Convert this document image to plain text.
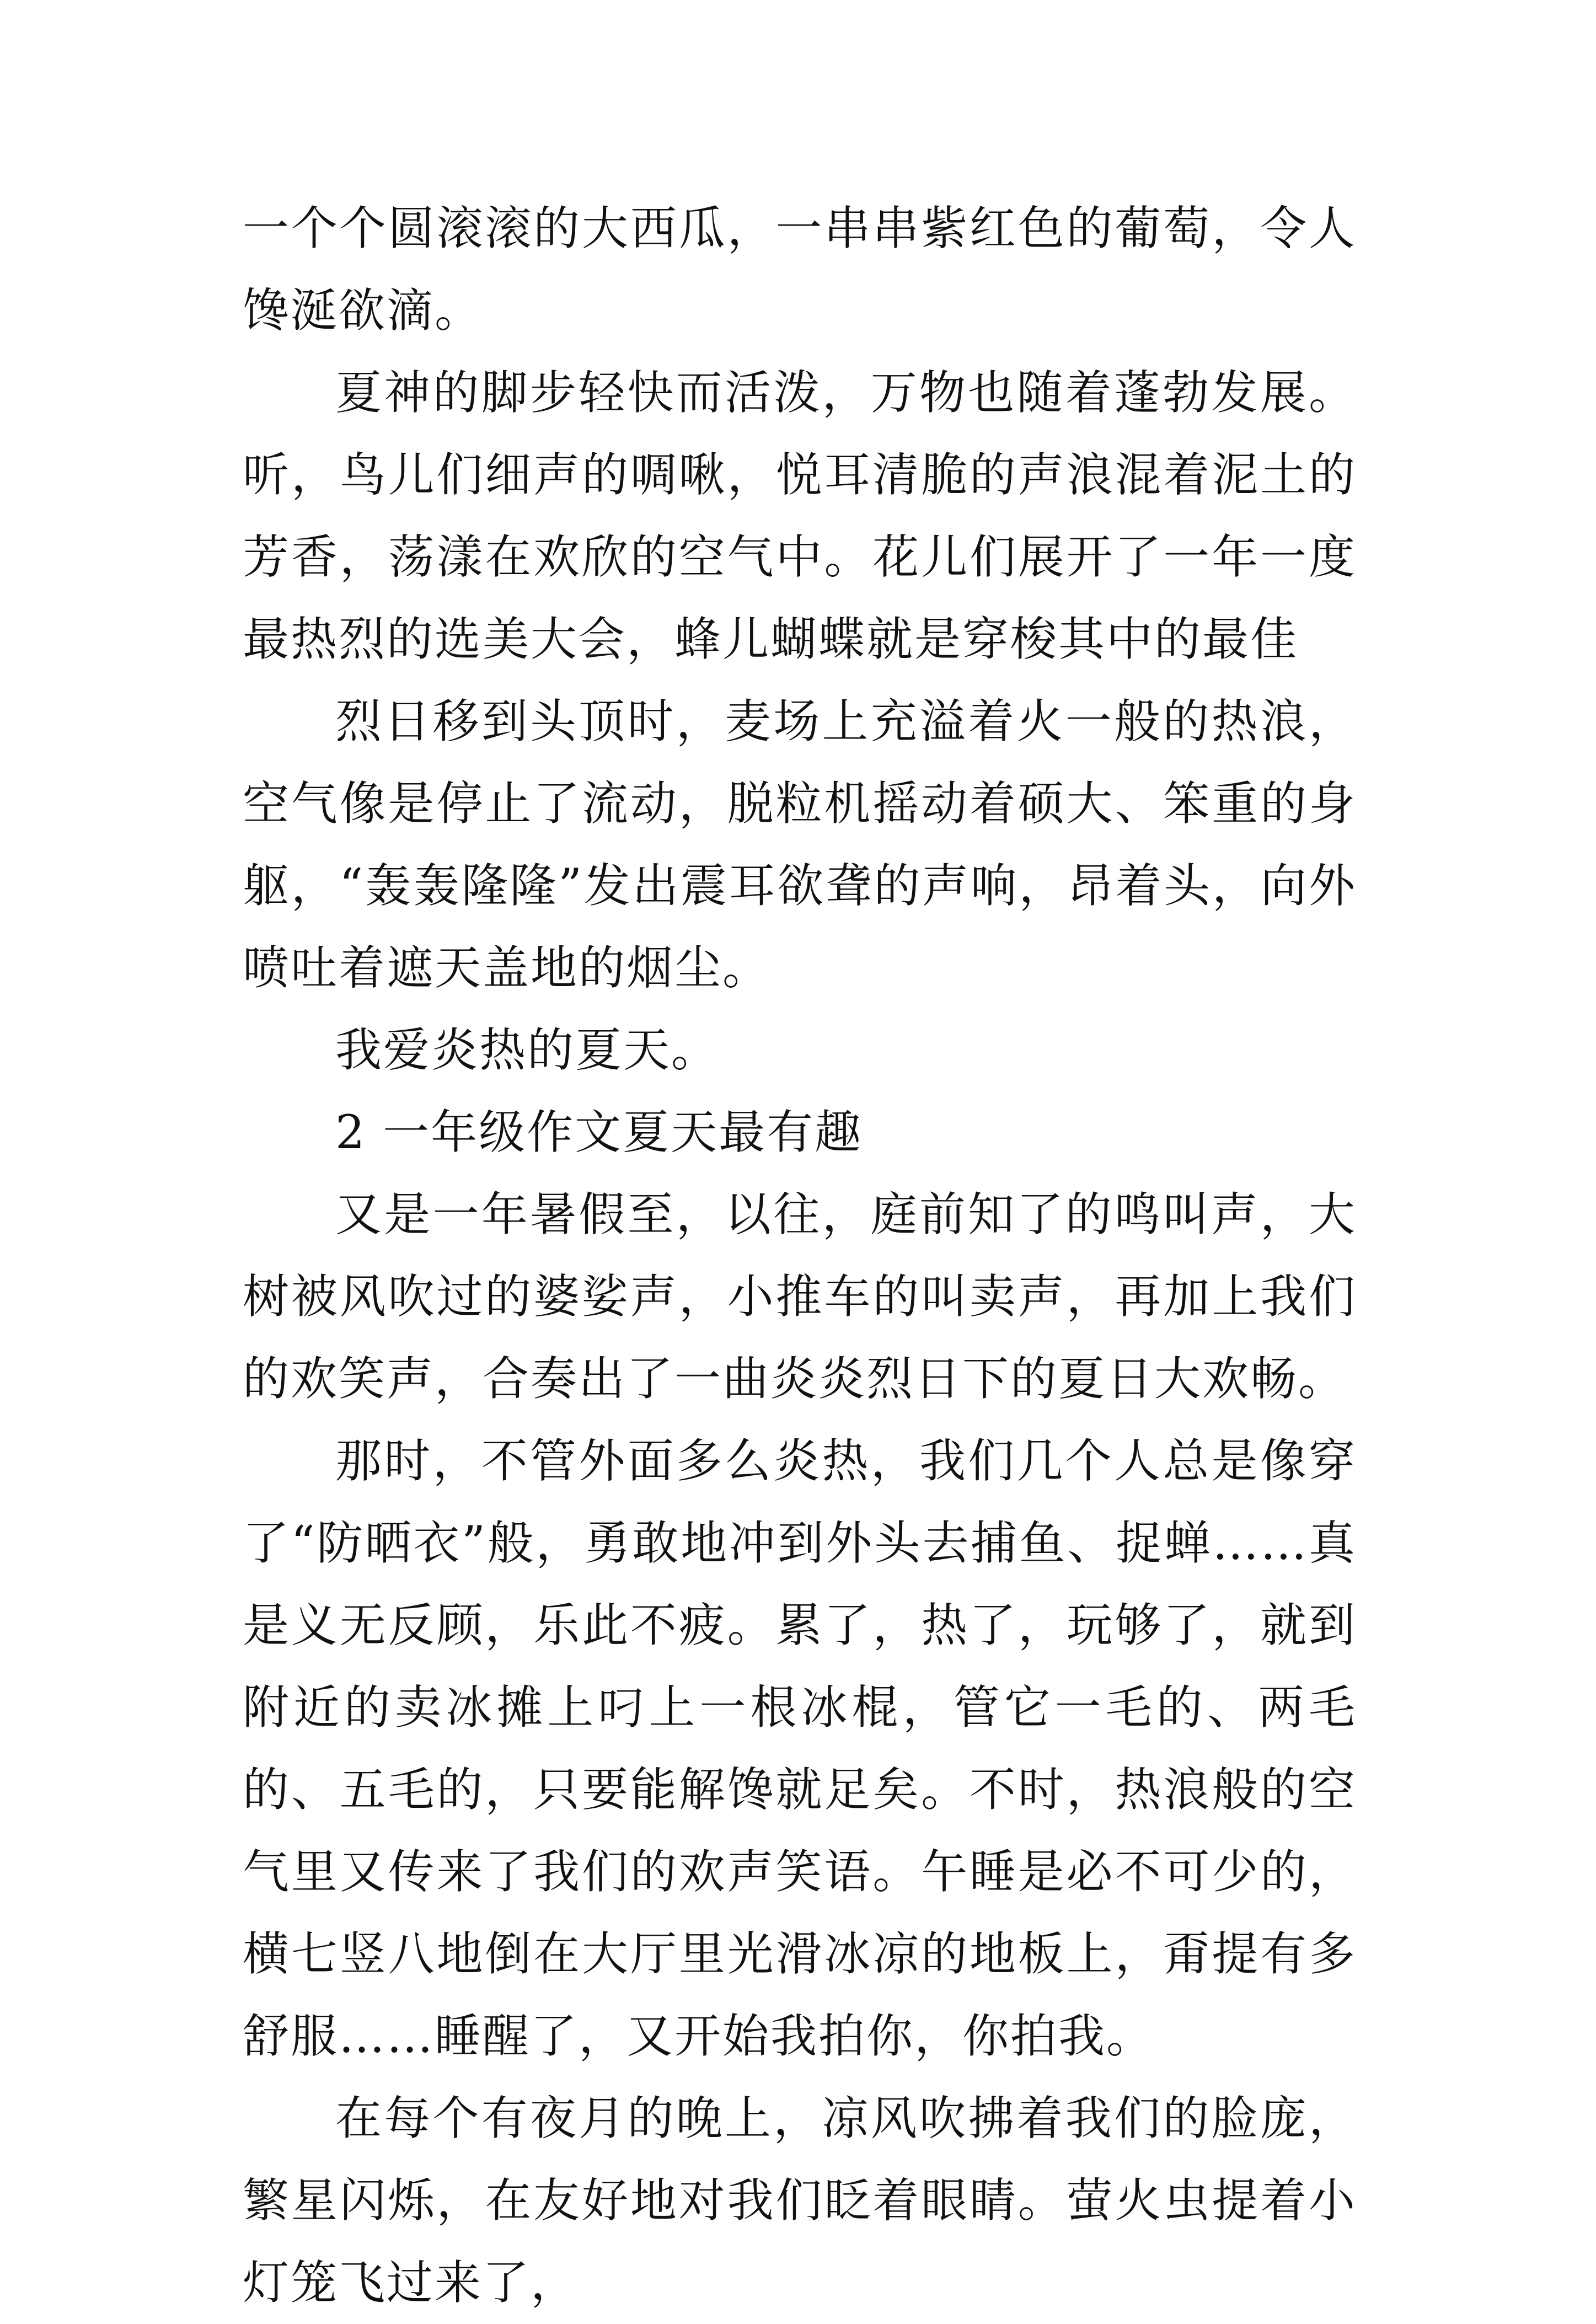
一个个圆滚滚的大西瓜，一串串紫红色的葡萄，令人馋涎欲滴。

夏神的脚步轻快而活泼，万物也随着蓬勃发展。听，鸟儿们细声的啁啾，悦耳清脆的声浪混着泥土的芳香，荡漾在欢欣的空气中。花儿们展开了一年一度最热烈的选美大会，蜂儿蝴蝶就是穿梭其中的最佳

烈日移到头顶时，麦场上充溢着火一般的热浪，空气像是停止了流动，脱粒机摇动着硕大、笨重的身躯，“轰轰隆隆”发出震耳欲聋的声响，昂着头，向外喷吐着遮天盖地的烟尘。

我爱炎热的夏天。

2 一年级作文夏天最有趣

又是一年暑假至，以往，庭前知了的鸣叫声，大树被风吹过的婆娑声，小推车的叫卖声，再加上我们的欢笑声，合奏出了一曲炎炎烈日下的夏日大欢畅。

那时，不管外面多么炎热，我们几个人总是像穿了“防晒衣”般，勇敢地冲到外头去捕鱼、捉蝉……真是义无反顾，乐此不疲。累了，热了，玩够了，就到附近的卖冰摊上叼上一根冰棍，管它一毛的、两毛的、五毛的，只要能解馋就足矣。不时，热浪般的空气里又传来了我们的欢声笑语。午睡是必不可少的，横七竖八地倒在大厅里光滑冰凉的地板上，甭提有多舒服……睡醒了，又开始我拍你，你拍我。

在每个有夜月的晚上，凉风吹拂着我们的脸庞，繁星闪烁，在友好地对我们眨着眼睛。萤火虫提着小灯笼飞过来了，
